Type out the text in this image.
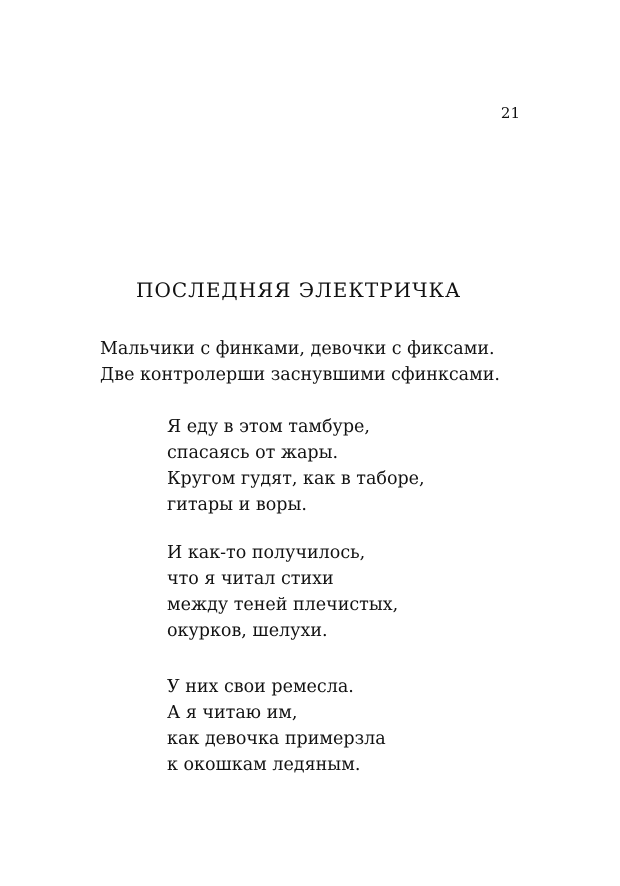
21
ПОСЛЕДНЯЯ ЭЛЕКТРИЧКА
Мальчики с финками, девочки с фиксами.
Две контролерши заснувшими сфинксами.
Я еду в этом тамбуре,
спасаясь от жары.
Кругом гудят, как в таборе,
гитары и воры.
И как-то получилось,
что я читал стихи
между теней плечистых,
окурков, шелухи.
У них свои ремесла.
А я читаю им,
как девочка примерзла
к окошкам ледяным.
